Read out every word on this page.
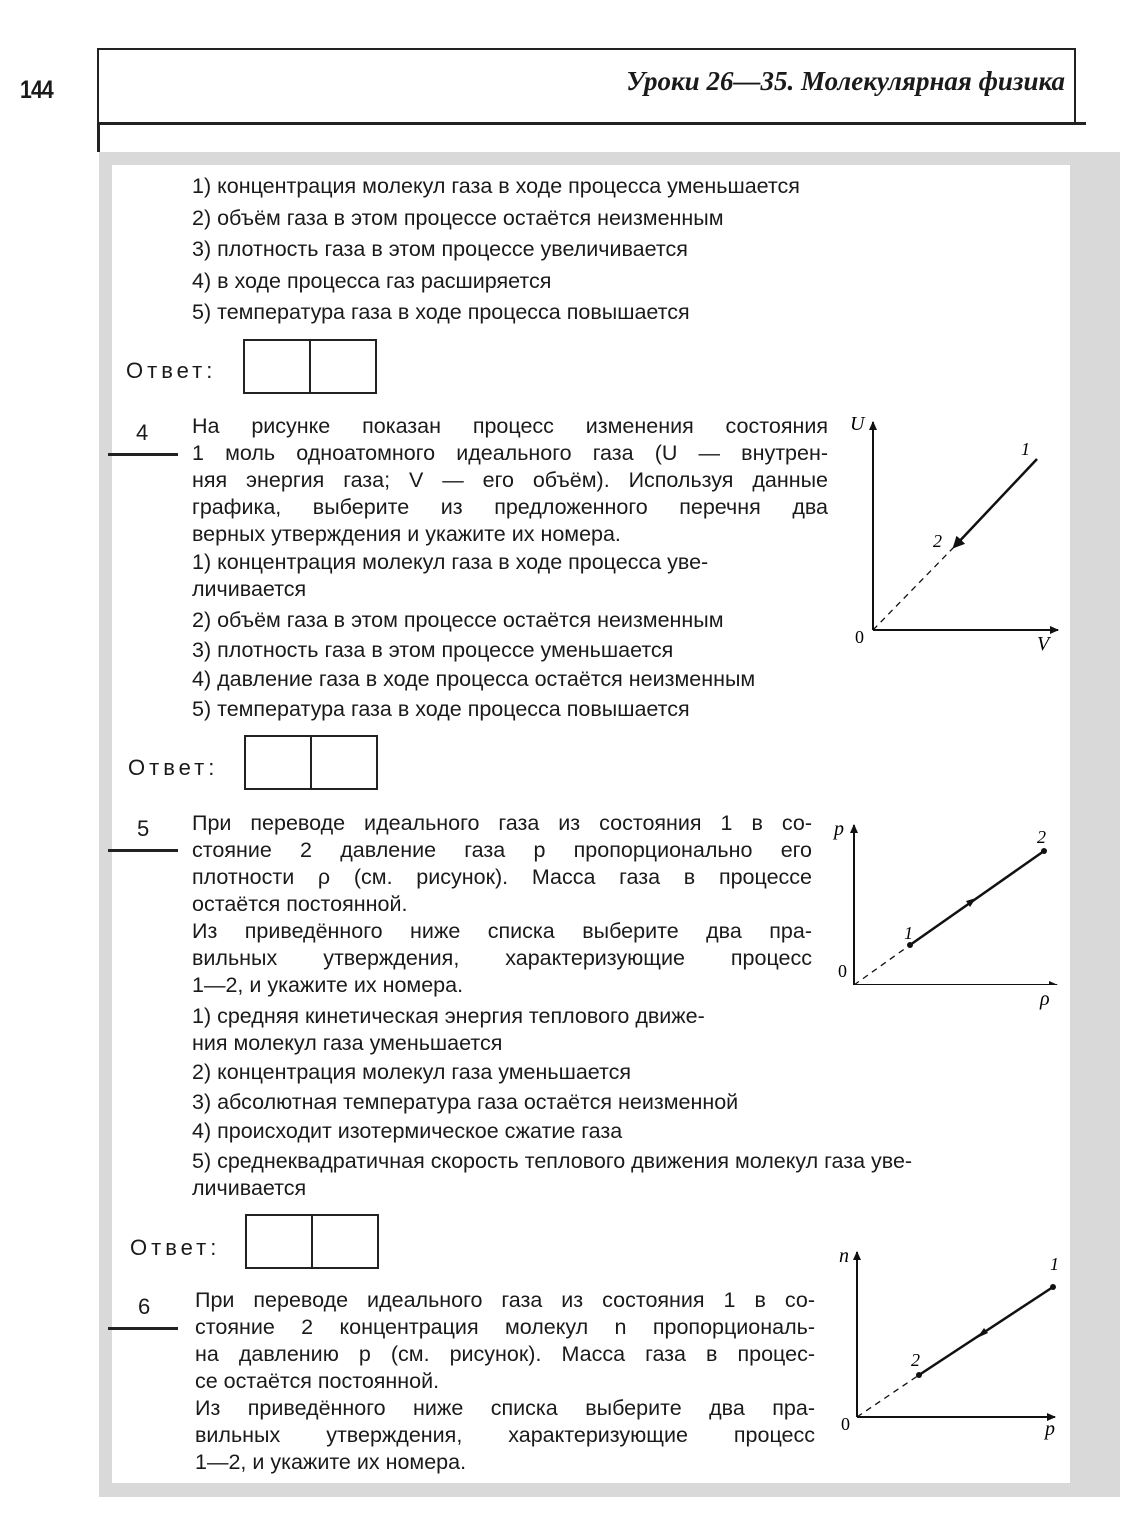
144	Уроки 26—35. Молекулярная физика
1) концентрация молекул газа в ходе процесса уменьшается
2) объём газа в этом процессе остаётся неизменным
3) плотность газа в этом процессе увеличивается
4) в ходе процесса газ расширяется
5) температура газа в ходе процесса повышается
Ответ:
4 На рисунке показан процесс изменения состояния
1 моль одноатомного идеального газа (U — внутрен-
няя энергия газа; V — его объём). Используя данные
графика, выберите из предложенного перечня два
верных утверждения и укажите их номера.
1) концентрация молекул газа в ходе процесса уве-
личивается
2) объём газа в этом процессе остаётся неизменным
3) плотность газа в этом процессе уменьшается
4) давление газа в ходе процесса остаётся неизменным
5) температура газа в ходе процесса повышается
U
V
0
1
2
Ответ:
5 При переводе идеального газа из состояния 1 в со-
стояние 2 давление газа p пропорционально его
плотности ρ (см. рисунок). Масса газа в процессе
остаётся постоянной.
Из приведённого ниже списка выберите два пра-
вильных утверждения, характеризующие процесс
1—2, и укажите их номера.
1) средняя кинетическая энергия теплового движе-
ния молекул газа уменьшается
2) концентрация молекул газа уменьшается
3) абсолютная температура газа остаётся неизменной
4) происходит изотермическое сжатие газа
5) среднеквадратичная скорость теплового движения молекул газа уве-
личивается
p
0
1
2
ρ
Ответ:
6 При переводе идеального газа из состояния 1 в со-
стояние 2 концентрация молекул n пропорциональ-
на давлению p (см. рисунок). Масса газа в процес-
се остаётся постоянной.
Из приведённого ниже списка выберите два пра-
вильных утверждения, характеризующие процесс
1—2, и укажите их номера.
n
p
0
1
2
